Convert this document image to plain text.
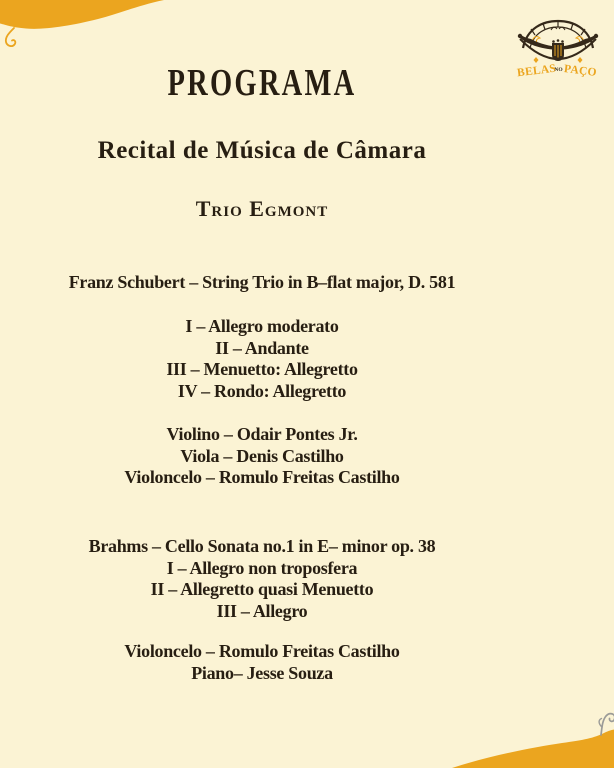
BELAS
NO PAÇO
PROGRAMA
Recital de Música de Câmara
Trio Egmont
Franz Schubert – String Trio in B–flat major, D. 581
I – Allegro moderato
II – Andante
III – Menuetto: Allegretto
IV – Rondo: Allegretto
Violino – Odair Pontes Jr.
Viola – Denis Castilho
Violoncelo – Romulo Freitas Castilho
Brahms – Cello Sonata no.1 in E– minor op. 38
I – Allegro non troposfera
II – Allegretto quasi Menuetto
III – Allegro
Violoncelo – Romulo Freitas Castilho
Piano– Jesse Souza
